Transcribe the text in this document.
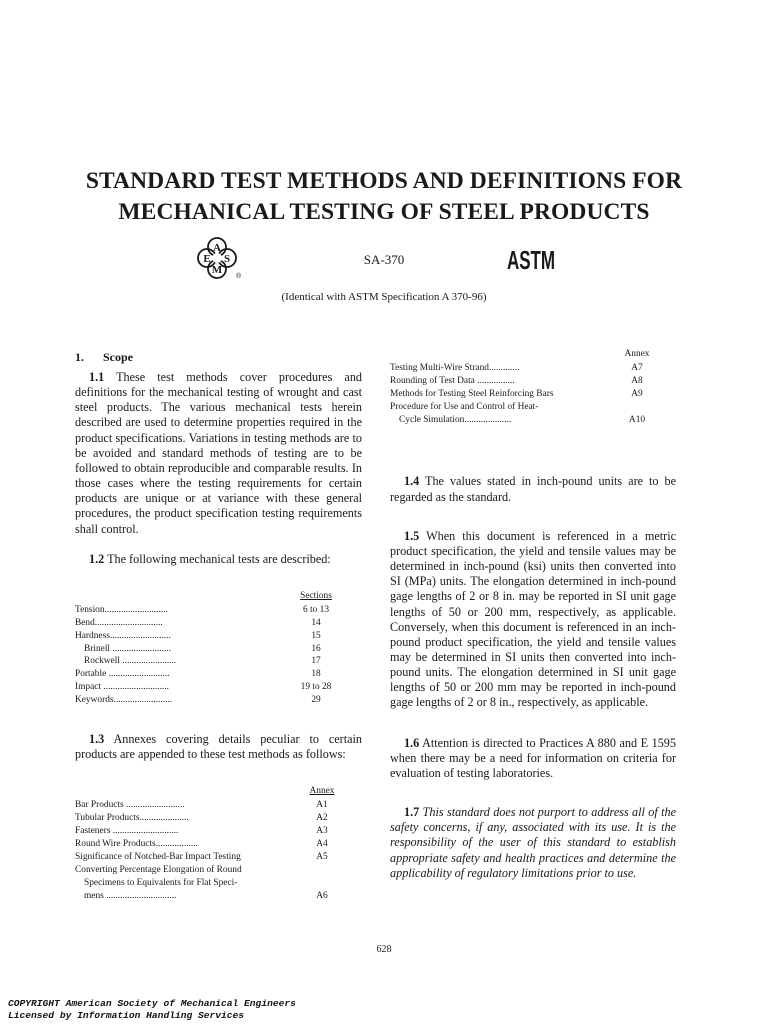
STANDARD TEST METHODS AND DEFINITIONS FOR
MECHANICAL TESTING OF STEEL PRODUCTS
A
E S
M
®
SA-370	ASTM
(Identical with ASTM Specification A 370-96)
1. Scope

1.1 These test methods cover procedures and definitions for the mechanical testing of wrought and cast steel products. The various mechanical tests herein described are used to determine properties required in the product specifications. Variations in testing methods are to be avoided and standard methods of testing are to be followed to obtain reproducible and comparable results. In those cases where the testing requirements for certain products are unique or at variance with these general procedures, the product specification testing requirements shall control.

1.2 The following mechanical tests are described:

Sections
Tension...........................	6 to 13
Bend.............................	14
Hardness..........................	15
Brinell .........................	16
Rockwell .......................	17
Portable ..........................	18
Impact ............................	19 to 28
Keywords.........................	29

1.3 Annexes covering details peculiar to certain products are appended to these test methods as follows:

Annex
Bar Products .........................	A1
Tubular Products.....................	A2
Fasteners ............................	A3
Round Wire Products..................	A4
Significance of Notched-Bar Impact Testing	A5
Converting Percentage Elongation of Round
Specimens to Equivalents for Flat Speci-
mens ..............................	A6
Annex
Testing Multi-Wire Strand.............	A7
Rounding of Test Data ................	A8
Methods for Testing Steel Reinforcing Bars	A9
Procedure for Use and Control of Heat-
Cycle Simulation....................	A10

1.4 The values stated in inch-pound units are to be regarded as the standard.

1.5 When this document is referenced in a metric product specification, the yield and tensile values may be determined in inch-pound (ksi) units then converted into SI (MPa) units. The elongation determined in inch-pound gage lengths of 2 or 8 in. may be reported in SI unit gage lengths of 50 or 200 mm, respectively, as applicable. Conversely, when this document is referenced in an inch-pound product specification, the yield and tensile values may be determined in SI units then converted into inch-pound units. The elongation determined in SI unit gage lengths of 50 or 200 mm may be reported in inch-pound gage lengths of 2 or 8 in., respectively, as applicable.

1.6 Attention is directed to Practices A 880 and E 1595 when there may be a need for information on criteria for evaluation of testing laboratories.

1.7 This standard does not purport to address all of the safety concerns, if any, associated with its use. It is the responsibility of the user of this standard to establish appropriate safety and health practices and determine the applicability of regulatory limitations prior to use.

628
COPYRIGHT American Society of Mechanical Engineers
Licensed by Information Handling Services
